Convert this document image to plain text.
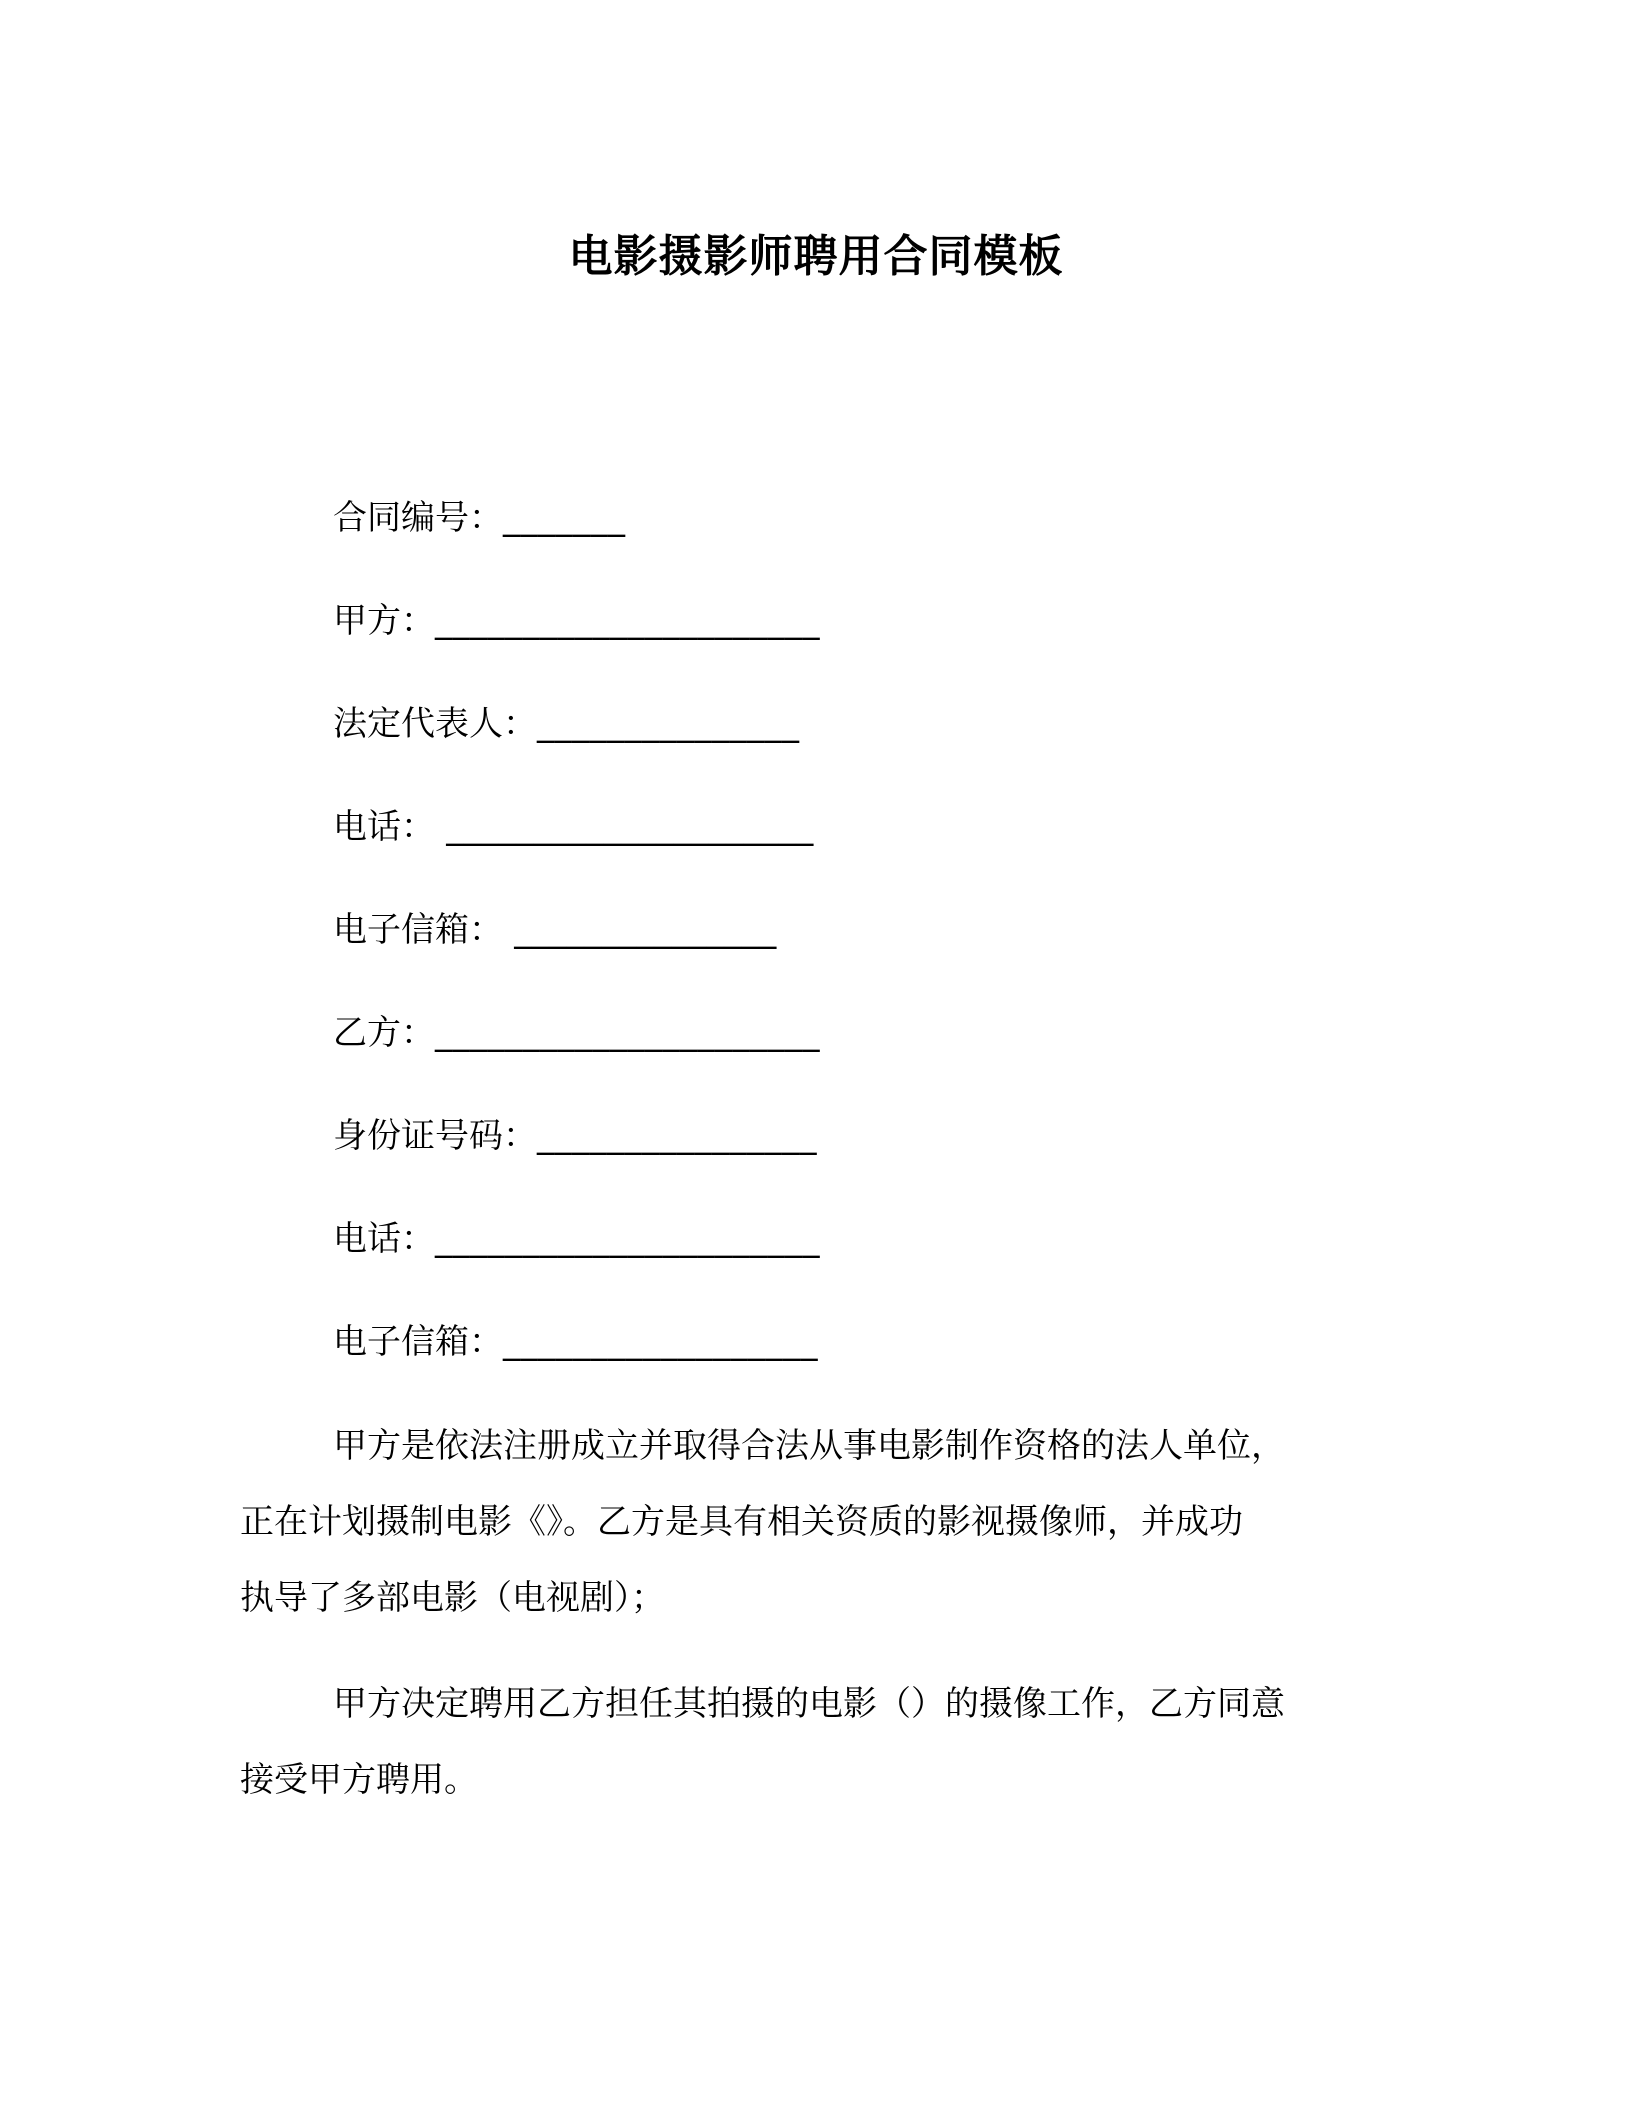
电影摄影师聘用合同模板
合同编号：_______
甲方：______________________
法定代表人：_______________
电话： _____________________
电子信箱： _______________
乙方：______________________
身份证号码：________________
电话：______________________
电子信箱：__________________
甲方是依法注册成立并取得合法从事电影制作资格的法人单位，
正在计划摄制电影《》。乙方是具有相关资质的影视摄像师，并成功
执导了多部电影（电视剧）；
甲方决定聘用乙方担任其拍摄的电影（）的摄像工作，乙方同意
接受甲方聘用。
